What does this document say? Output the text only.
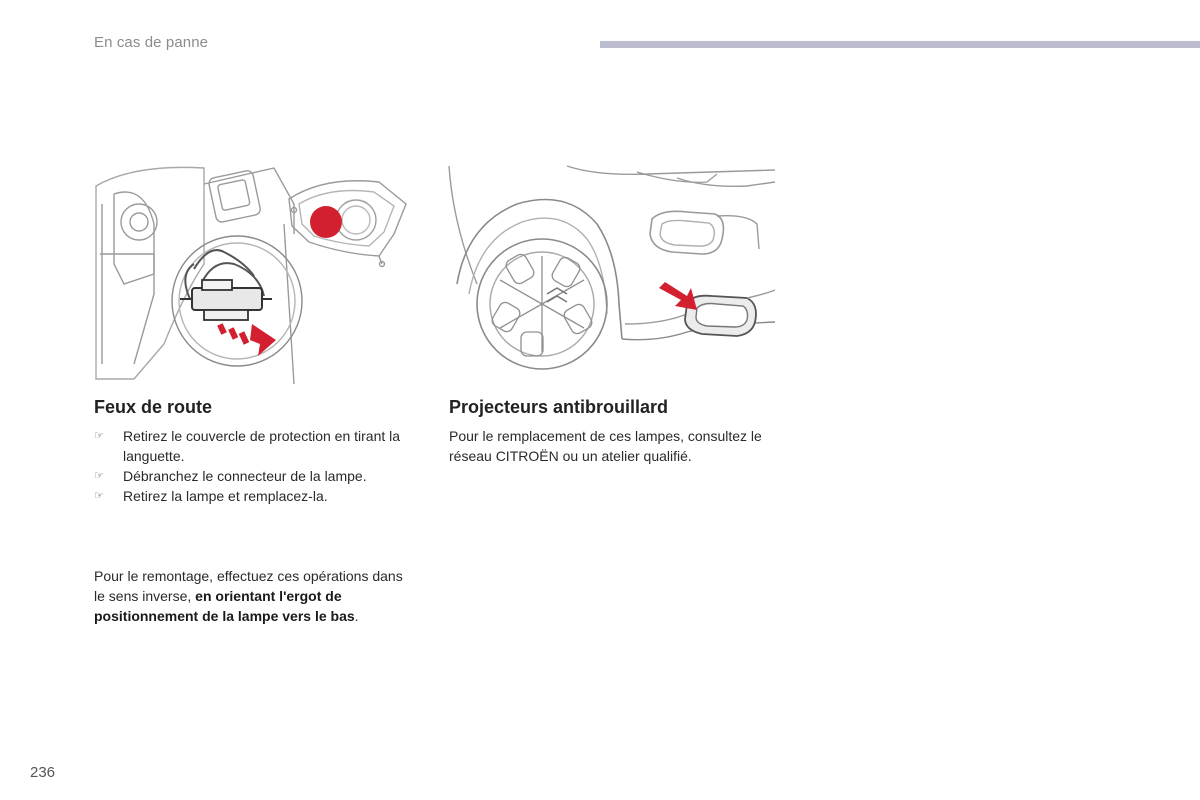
En cas de panne
Feux de route
☞ Retirez le couvercle de protection en tirant la languette.
☞ Débranchez le connecteur de la lampe.
☞ Retirez la lampe et remplacez-la.
Projecteurs antibrouillard

Pour le remplacement de ces lampes, consultez le réseau CITROËN ou un atelier qualifié.

Pour le remontage, effectuez ces opérations dans le sens inverse, en orientant l'ergot de positionnement de la lampe vers le bas.

236
